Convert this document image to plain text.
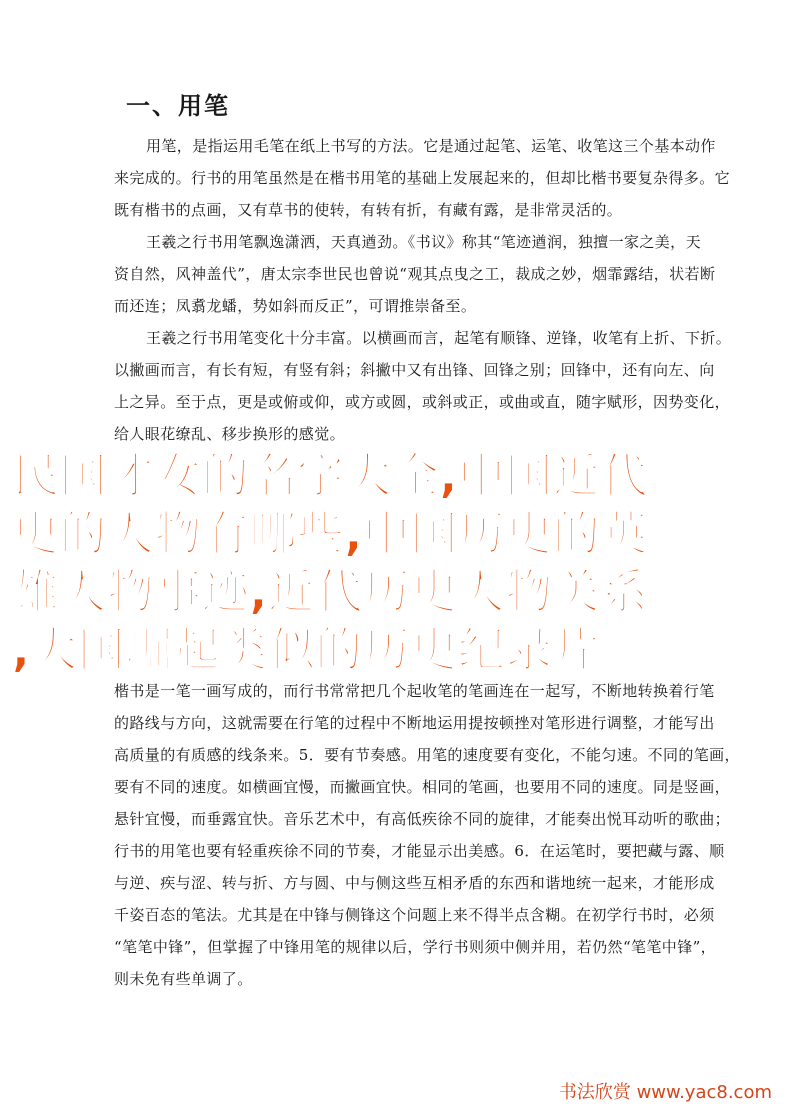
一、用笔
用笔，是指运用毛笔在纸上书写的方法。它是通过起笔、运笔、收笔这三个基本动作
来完成的。行书的用笔虽然是在楷书用笔的基础上发展起来的，但却比楷书要复杂得多。它
既有楷书的点画，又有草书的使转，有转有折，有藏有露，是非常灵活的。
王羲之行书用笔飘逸潇洒，天真遒劲。《书议》称其“笔迹遒润，独擅一家之美，天
资自然，风神盖代”，唐太宗李世民也曾说“观其点曳之工，裁成之妙，烟霏露结，状若断
而还连；凤翥龙蟠，势如斜而反正”，可谓推崇备至。
王羲之行书用笔变化十分丰富。以横画而言，起笔有顺锋、逆锋，收笔有上折、下折。
以撇画而言，有长有短，有竖有斜；斜撇中又有出锋、回锋之别；回锋中，还有向左、向
上之异。至于点，更是或俯或仰，或方或圆，或斜或正，或曲或直，随字赋形，因势变化，
给人眼花缭乱、移步换形的感觉。
楷书是一笔一画写成的，而行书常常把几个起收笔的笔画连在一起写，不断地转换着行笔
的路线与方向，这就需要在行笔的过程中不断地运用提按顿挫对笔形进行调整，才能写出
高质量的有质感的线条来。5．要有节奏感。用笔的速度要有变化，不能匀速。不同的笔画，
要有不同的速度。如横画宜慢，而撇画宜快。相同的笔画，也要用不同的速度。同是竖画，
悬针宜慢，而垂露宜快。音乐艺术中，有高低疾徐不同的旋律，才能奏出悦耳动听的歌曲；
行书的用笔也要有轻重疾徐不同的节奏，才能显示出美感。6．在运笔时，要把藏与露、顺
与逆、疾与涩、转与折、方与圆、中与侧这些互相矛盾的东西和谐地统一起来，才能形成
千姿百态的笔法。尤其是在中锋与侧锋这个问题上来不得半点含糊。在初学行书时，必须
“笔笔中锋”，但掌握了中锋用笔的规律以后，学行书则须中侧并用，若仍然“笔笔中锋”，
则未免有些单调了。
民国才女的名字大全,中国近代
史的人物有哪些,中国历史的英
雄人物事迹,近代历史人物关系
,大国崛起类似的历史纪录片
书法欣赏 www.yac8.com
